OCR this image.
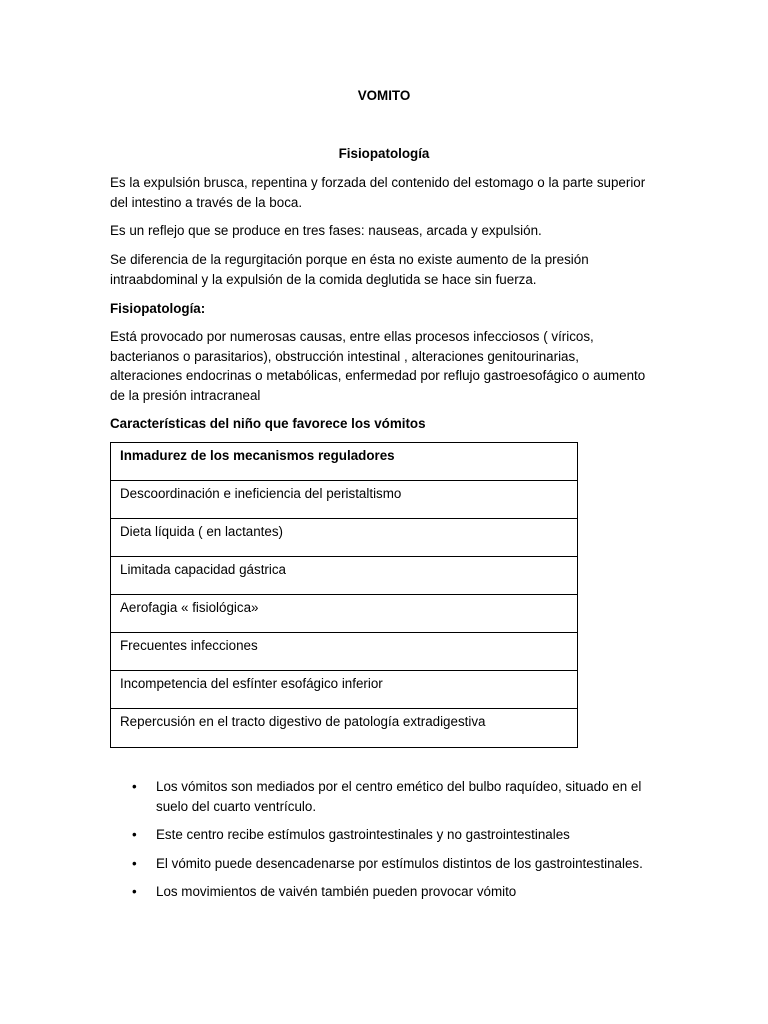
VOMITO
Fisiopatología

Es la expulsión brusca, repentina y forzada del contenido del estomago o la parte superior del intestino a través de la boca.

Es un reflejo que se produce en tres fases: nauseas, arcada y expulsión.

Se diferencia de la regurgitación porque en ésta no existe aumento de la presión intraabdominal y la expulsión de la comida deglutida se hace sin fuerza.

Fisiopatología:

Está provocado por numerosas causas, entre ellas procesos infecciosos ( víricos, bacterianos o parasitarios), obstrucción intestinal , alteraciones genitourinarias, alteraciones endocrinas o metabólicas, enfermedad por reflujo gastroesofágico o aumento de la presión intracraneal

Características del niño que favorece los vómitos

Inmadurez de los mecanismos reguladores
Descoordinación e ineficiencia del peristaltismo
Dieta líquida ( en lactantes)
Limitada capacidad gástrica
Aerofagia « fisiológica»
Frecuentes infecciones
Incompetencia del esfínter esofágico inferior
Repercusión en el tracto digestivo de patología extradigestiva
• Los vómitos son mediados por el centro emético del bulbo raquídeo, situado en el suelo del cuarto ventrículo.
• Este centro recibe estímulos gastrointestinales y no gastrointestinales
• El vómito puede desencadenarse por estímulos distintos de los gastrointestinales.
• Los movimientos de vaivén también pueden provocar vómito
